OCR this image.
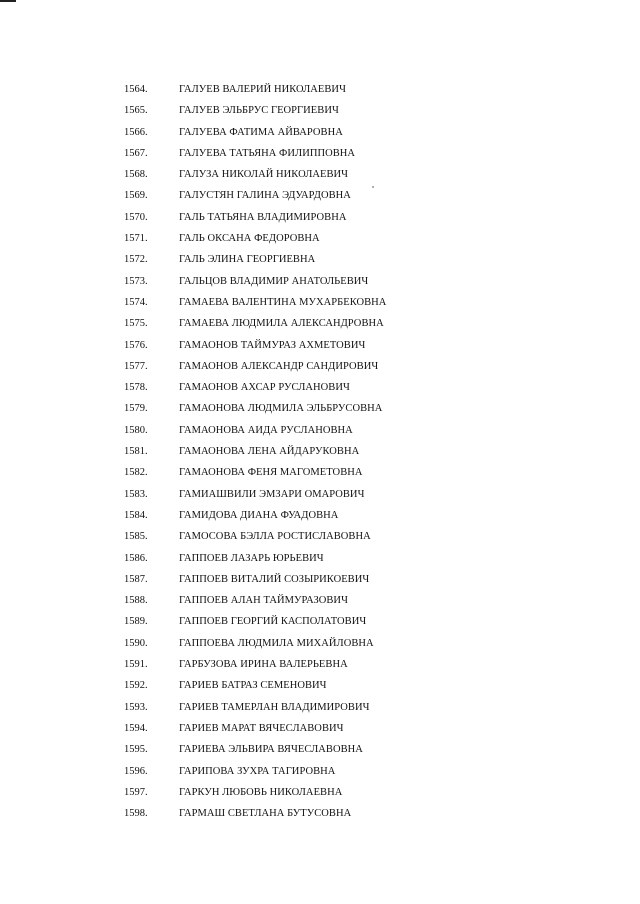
1564.	ГАЛУЕВ ВАЛЕРИЙ НИКОЛАЕВИЧ
1565.	ГАЛУЕВ ЭЛЬБРУС ГЕОРГИЕВИЧ
1566.	ГАЛУЕВА ФАТИМА АЙВАРОВНА
1567.	ГАЛУЕВА ТАТЬЯНА ФИЛИППОВНА
1568.	ГАЛУЗА НИКОЛАЙ НИКОЛАЕВИЧ
1569.	ГАЛУСТЯН ГАЛИНА ЭДУАРДОВНА
1570.	ГАЛЬ ТАТЬЯНА ВЛАДИМИРОВНА
1571.	ГАЛЬ ОКСАНА ФЕДОРОВНА
1572.	ГАЛЬ ЭЛИНА ГЕОРГИЕВНА
1573.	ГАЛЬЦОВ ВЛАДИМИР АНАТОЛЬЕВИЧ
1574.	ГАМАЕВА ВАЛЕНТИНА МУХАРБЕКОВНА
1575.	ГАМАЕВА ЛЮДМИЛА АЛЕКСАНДРОВНА
1576.	ГАМАОНОВ ТАЙМУРАЗ АХМЕТОВИЧ
1577.	ГАМАОНОВ АЛЕКСАНДР САНДИРОВИЧ
1578.	ГАМАОНОВ АХСАР РУСЛАНОВИЧ
1579.	ГАМАОНОВА ЛЮДМИЛА ЭЛЬБРУСОВНА
1580.	ГАМАОНОВА АИДА РУСЛАНОВНА
1581.	ГАМАОНОВА ЛЕНА АЙДАРУКОВНА
1582.	ГАМАОНОВА ФЕНЯ МАГОМЕТОВНА
1583.	ГАМИАШВИЛИ ЭМЗАРИ ОМАРОВИЧ
1584.	ГАМИДОВА ДИАНА ФУАДОВНА
1585.	ГАМОСОВА БЭЛЛА РОСТИСЛАВОВНА
1586.	ГАППОЕВ ЛАЗАРЬ ЮРЬЕВИЧ
1587.	ГАППОЕВ ВИТАЛИЙ СОЗЫРИКОЕВИЧ
1588.	ГАППОЕВ АЛАН ТАЙМУРАЗОВИЧ
1589.	ГАППОЕВ ГЕОРГИЙ КАСПОЛАТОВИЧ
1590.	ГАППОЕВА ЛЮДМИЛА МИХАЙЛОВНА
1591.	ГАРБУЗОВА ИРИНА ВАЛЕРЬЕВНА
1592.	ГАРИЕВ БАТРАЗ СЕМЕНОВИЧ
1593.	ГАРИЕВ ТАМЕРЛАН ВЛАДИМИРОВИЧ
1594.	ГАРИЕВ МАРАТ ВЯЧЕСЛАВОВИЧ
1595.	ГАРИЕВА ЭЛЬВИРА ВЯЧЕСЛАВОВНА
1596.	ГАРИПОВА ЗУХРА ТАГИРОВНА
1597.	ГАРКУН ЛЮБОВЬ НИКОЛАЕВНА
1598.	ГАРМАШ СВЕТЛАНА БУТУСОВНА
